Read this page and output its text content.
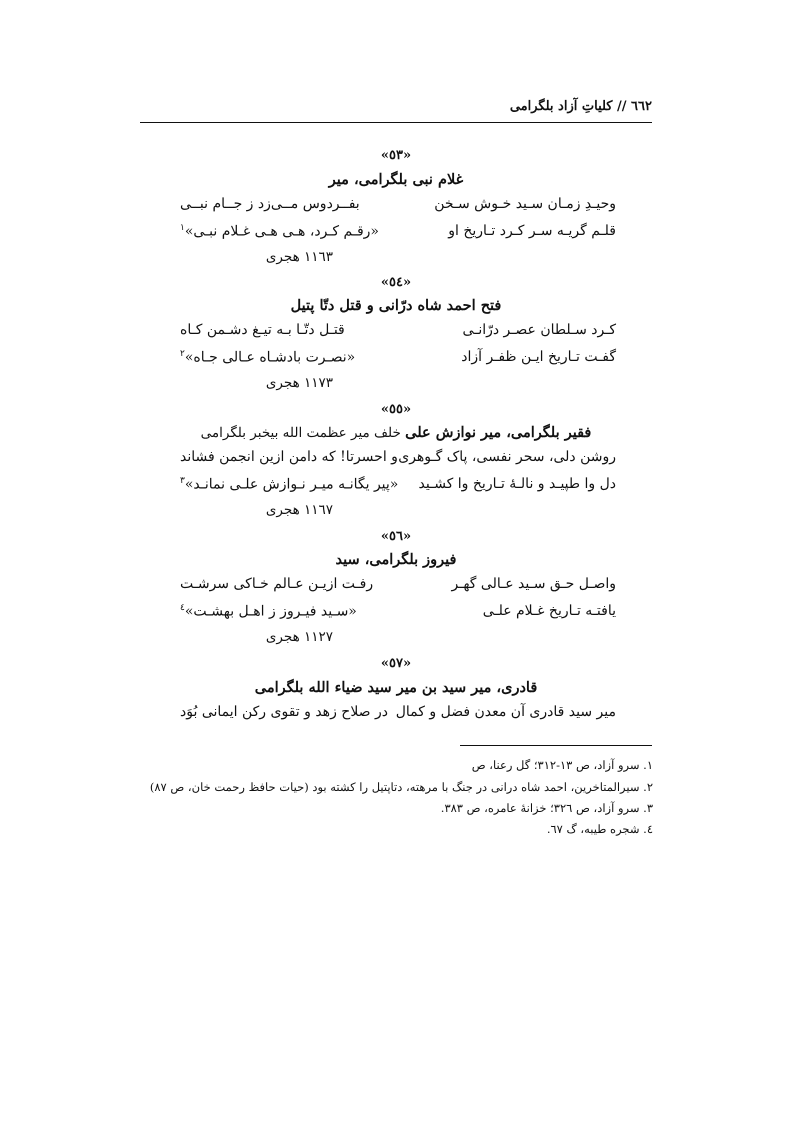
٦٦٢ // كلياتِ آزاد بلگرامی
«٥٣»
غلام نبی بلگرامی، میر
وحیـدِ زمـان سـید خـوش سـخن
بفــردوس مــی‌زد ز جــام نبــی
قلـم گریـه سـر کـرد تـاریخ او
«رقـم کـرد، هـی هـی غـلام نبـی»$^١$
١١٦٣ هجری
«٥٤»
فتح احمد شاه درّانی و قتل دتّا پتیل
کـرد سـلطان عصـر درّانـی
قتـل دتّـا بـه تیـغ دشـمن کـاه
گفـت تـاریخ ایـن ظفـر آزاد
«نصـرت بادشـاه عـالی جـاه»$^٢$
١١٧٣ هجری
«٥٥»
فقیر بلگرامی، میر نوازش علی خلف میر عظمت الله بیخبر بلگرامی
روشن دلی، سحر نفسی، پاک گـوهری
و احسرتا! که دامن ازین انجمن فشاند
دل وا طپیـد و نالـهٔ تـاریخ وا کشـید
«پیر یگانـه میـر نـوازش علـی نمانـد»$^٣$
١١٦٧ هجری
«٥٦»
فیروز بلگرامی، سید
واصـل حـق سـید عـالی گهـر
رفـت ازیـن عـالم خـاکی سرشـت
یافتـه تـاریخ غـلام علـی
«سـید فیـروز ز اهـل بهشـت»$^٤$
١١٢٧ هجری
«٥٧»
قادری، میر سید بن میر سید ضیاء الله بلگرامی
میر سید قادری آن معدن فضل و کمال
در صلاح زهد و تقوی رکن ایمانی بُوَد
١. سرو آزاد، ص ١٣-٣١٢؛ گل رعنا، ص
٢. سیرالمتاخرین، احمد شاه درانی در جنگ با مرهته، دتاپتیل را کشته بود (حیات حافظ رحمت خان، ص ٨٧)
٣. سرو آزاد، ص ٣٢٦؛ خزانهٔ عامره، ص ٣٨٣.
٤. شجره طیبه، گ ٦٧.
